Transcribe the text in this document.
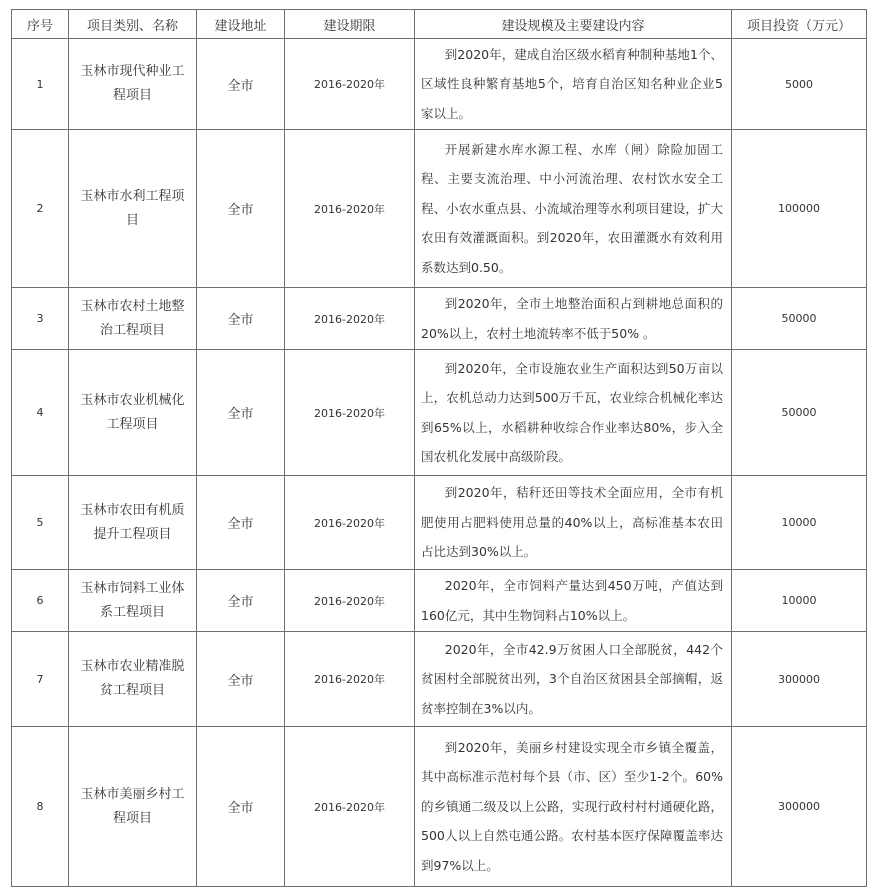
序号	项目类别、名称	建设地址	建设期限	建设规模及主要建设内容	项目投资（万元）
1	玉林市现代种业工程项目	全市	2016-2020年	到2020年，建成自治区级水稻育种制种基地1个、区域性良种繁育基地5个，培育自治区知名种业企业5家以上。	5000
2	玉林市水利工程项目	全市	2016-2020年	开展新建水库水源工程、水库（闸）除险加固工程、主要支流治理、中小河流治理、农村饮水安全工程、小农水重点县、小流域治理等水利项目建设，扩大农田有效灌溉面积。到2020年，农田灌溉水有效利用系数达到0.50。	100000
3	玉林市农村土地整治工程项目	全市	2016-2020年	到2020年，全市土地整治面积占到耕地总面积的20%以上，农村土地流转率不低于50% 。	50000
4	玉林市农业机械化工程项目	全市	2016-2020年	到2020年，全市设施农业生产面积达到50万亩以上，农机总动力达到500万千瓦，农业综合机械化率达到65%以上，水稻耕种收综合作业率达80%，步入全国农机化发展中高级阶段。	50000
5	玉林市农田有机质提升工程项目	全市	2016-2020年	到2020年，秸秆还田等技术全面应用，全市有机肥使用占肥料使用总量的40%以上，高标准基本农田占比达到30%以上。	10000
6	玉林市饲料工业体系工程项目	全市	2016-2020年	2020年，全市饲料产量达到450万吨，产值达到160亿元，其中生物饲料占10%以上。	10000
7	玉林市农业精准脱贫工程项目	全市	2016-2020年	2020年，全市42.9万贫困人口全部脱贫，442个贫困村全部脱贫出列，3个自治区贫困县全部摘帽，返贫率控制在3%以内。	300000
8	玉林市美丽乡村工程项目	全市	2016-2020年	到2020年，美丽乡村建设实现全市乡镇全覆盖，其中高标准示范村每个县（市、区）至少1-2个。60%的乡镇通二级及以上公路，实现行政村村村通硬化路，500人以上自然屯通公路。农村基本医疗保障覆盖率达到97%以上。	300000
